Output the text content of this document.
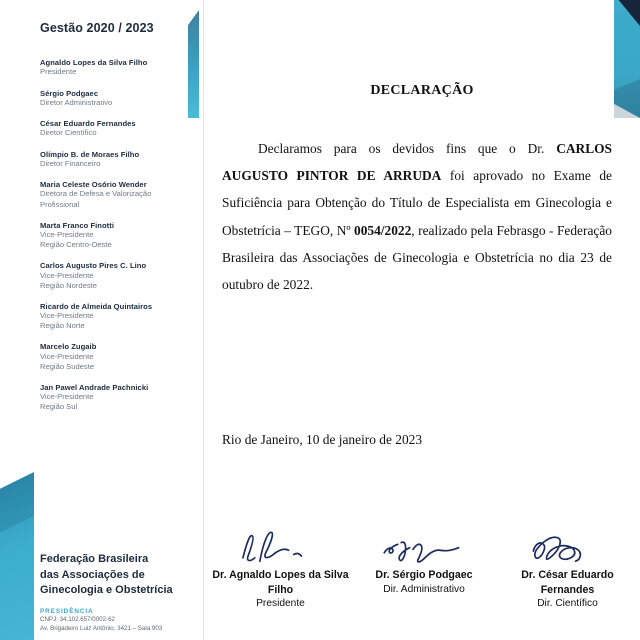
Gestão 2020 / 2023
Agnaldo Lopes da Silva Filho
Presidente
Sérgio Podgaec
Diretor Administrativo
César Eduardo Fernandes
Diretor Científico
Olímpio B. de Moraes Filho
Diretor Financeiro
Maria Celeste Osório Wender
Diretora de Defesa e Valorização
Profissional
Marta Franco Finotti
Vice-Presidente
Região Centro-Oeste
Carlos Augusto Pires C. Lino
Vice-Presidente
Região Nordeste
Ricardo de Almeida Quintairos
Vice-Presidente
Região Norte
Marcelo Zugaib
Vice-Presidente
Região Sudeste
Jan Pawel Andrade Pachnicki
Vice-Presidente
Região Sul
Federação Brasileira
das Associações de
Ginecologia e Obstetrícia
PRESIDÊNCIA
CNPJ: 34.102.657/0002-62
Av. Brigadeiro Luiz Antônio, 3421 – Sala 903
DECLARAÇÃO
Declaramos para os devidos fins que o Dr. CARLOS AUGUSTO PINTOR DE ARRUDA foi aprovado no Exame de Suficiência para Obtenção do Título de Especialista em Ginecologia e Obstetrícia – TEGO, Nº 0054/2022, realizado pela Febrasgo - Federação Brasileira das Associações de Ginecologia e Obstetrícia no dia 23 de outubro de 2022.
Rio de Janeiro, 10 de janeiro de 2023
Dr. Agnaldo Lopes da Silva Filho
Presidente
Dr. Sérgio Podgaec
Dir. Administrativo
Dr. César Eduardo Fernandes
Dir. Científico
